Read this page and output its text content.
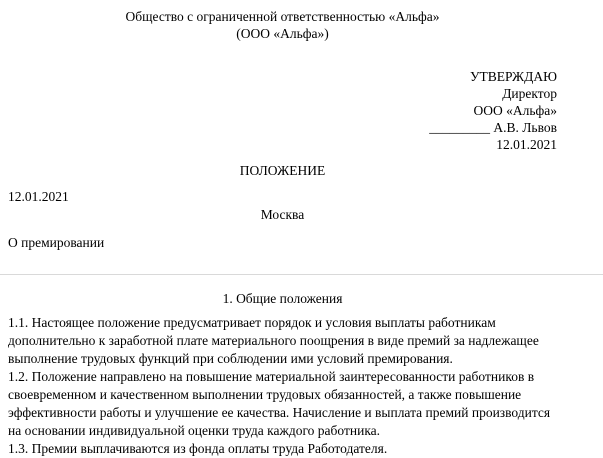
Общество с ограниченной ответственностью «Альфа»
(ООО «Альфа»)
УТВЕРЖДАЮ
Директор
ООО «Альфа»
_________ А.В. Львов
12.01.2021
ПОЛОЖЕНИЕ
12.01.2021
Москва
О премировании
1. Общие положения

1.1. Настоящее положение предусматривает порядок и условия выплаты работникам дополнительно к заработной плате материального поощрения в виде премий за надлежащее выполнение трудовых функций при соблюдении ими условий премирования.

1.2. Положение направлено на повышение материальной заинтересованности работников в своевременном и качественном выполнении трудовых обязанностей, а также повышение эффективности работы и улучшение ее качества. Начисление и выплата премий производится на основании индивидуальной оценки труда каждого работника.

1.3. Премии выплачиваются из фонда оплаты труда Работодателя.
